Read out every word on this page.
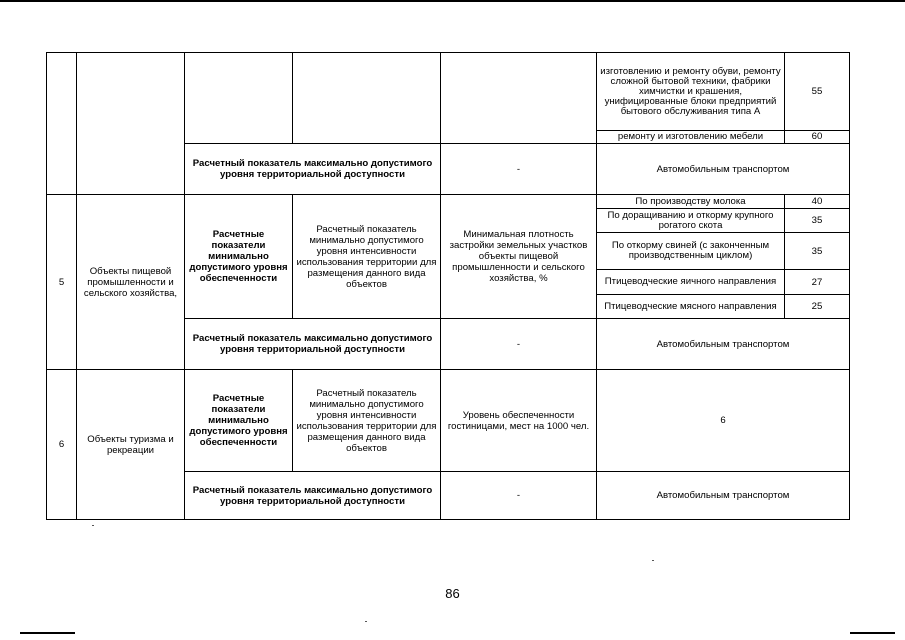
					изготовлению и ремонту обуви, ремонту сложной бытовой техники, фабрики химчистки и крашения, унифицированные блоки предприятий бытового обслуживания типа А	55
					ремонту и изготовлению мебели	60
		Расчетный показатель максимально допустимого уровня территориальной доступности		-	Автомобильным транспортом	
5	Объекты пищевой промышленности и сельского хозяйства,	Расчетные показатели минимально допустимого уровня обеспеченности	Расчетный показатель минимально допустимого уровня интенсивности использования территории для размещения данного вида объектов	Минимальная плотность застройки земельных участков объекты пищевой промышленности и сельского хозяйства, %	По производству молока	40
					По доращиванию и откорму крупного рогатого скота	35
					По откорму свиней (с законченным производственным циклом)	35
					Птицеводческие яичного направления	27
					Птицеводческие мясного направления	25
		Расчетный показатель максимально допустимого уровня территориальной доступности		-	Автомобильным транспортом	
6	Объекты туризма и рекреации	Расчетные показатели минимально допустимого уровня обеспеченности	Расчетный показатель минимально допустимого уровня интенсивности использования территории для размещения данного вида объектов	Уровень обеспеченности гостиницами, мест на 1000 чел.	6	
		Расчетный показатель максимально допустимого уровня территориальной доступности		-	Автомобильным транспортом	
86
